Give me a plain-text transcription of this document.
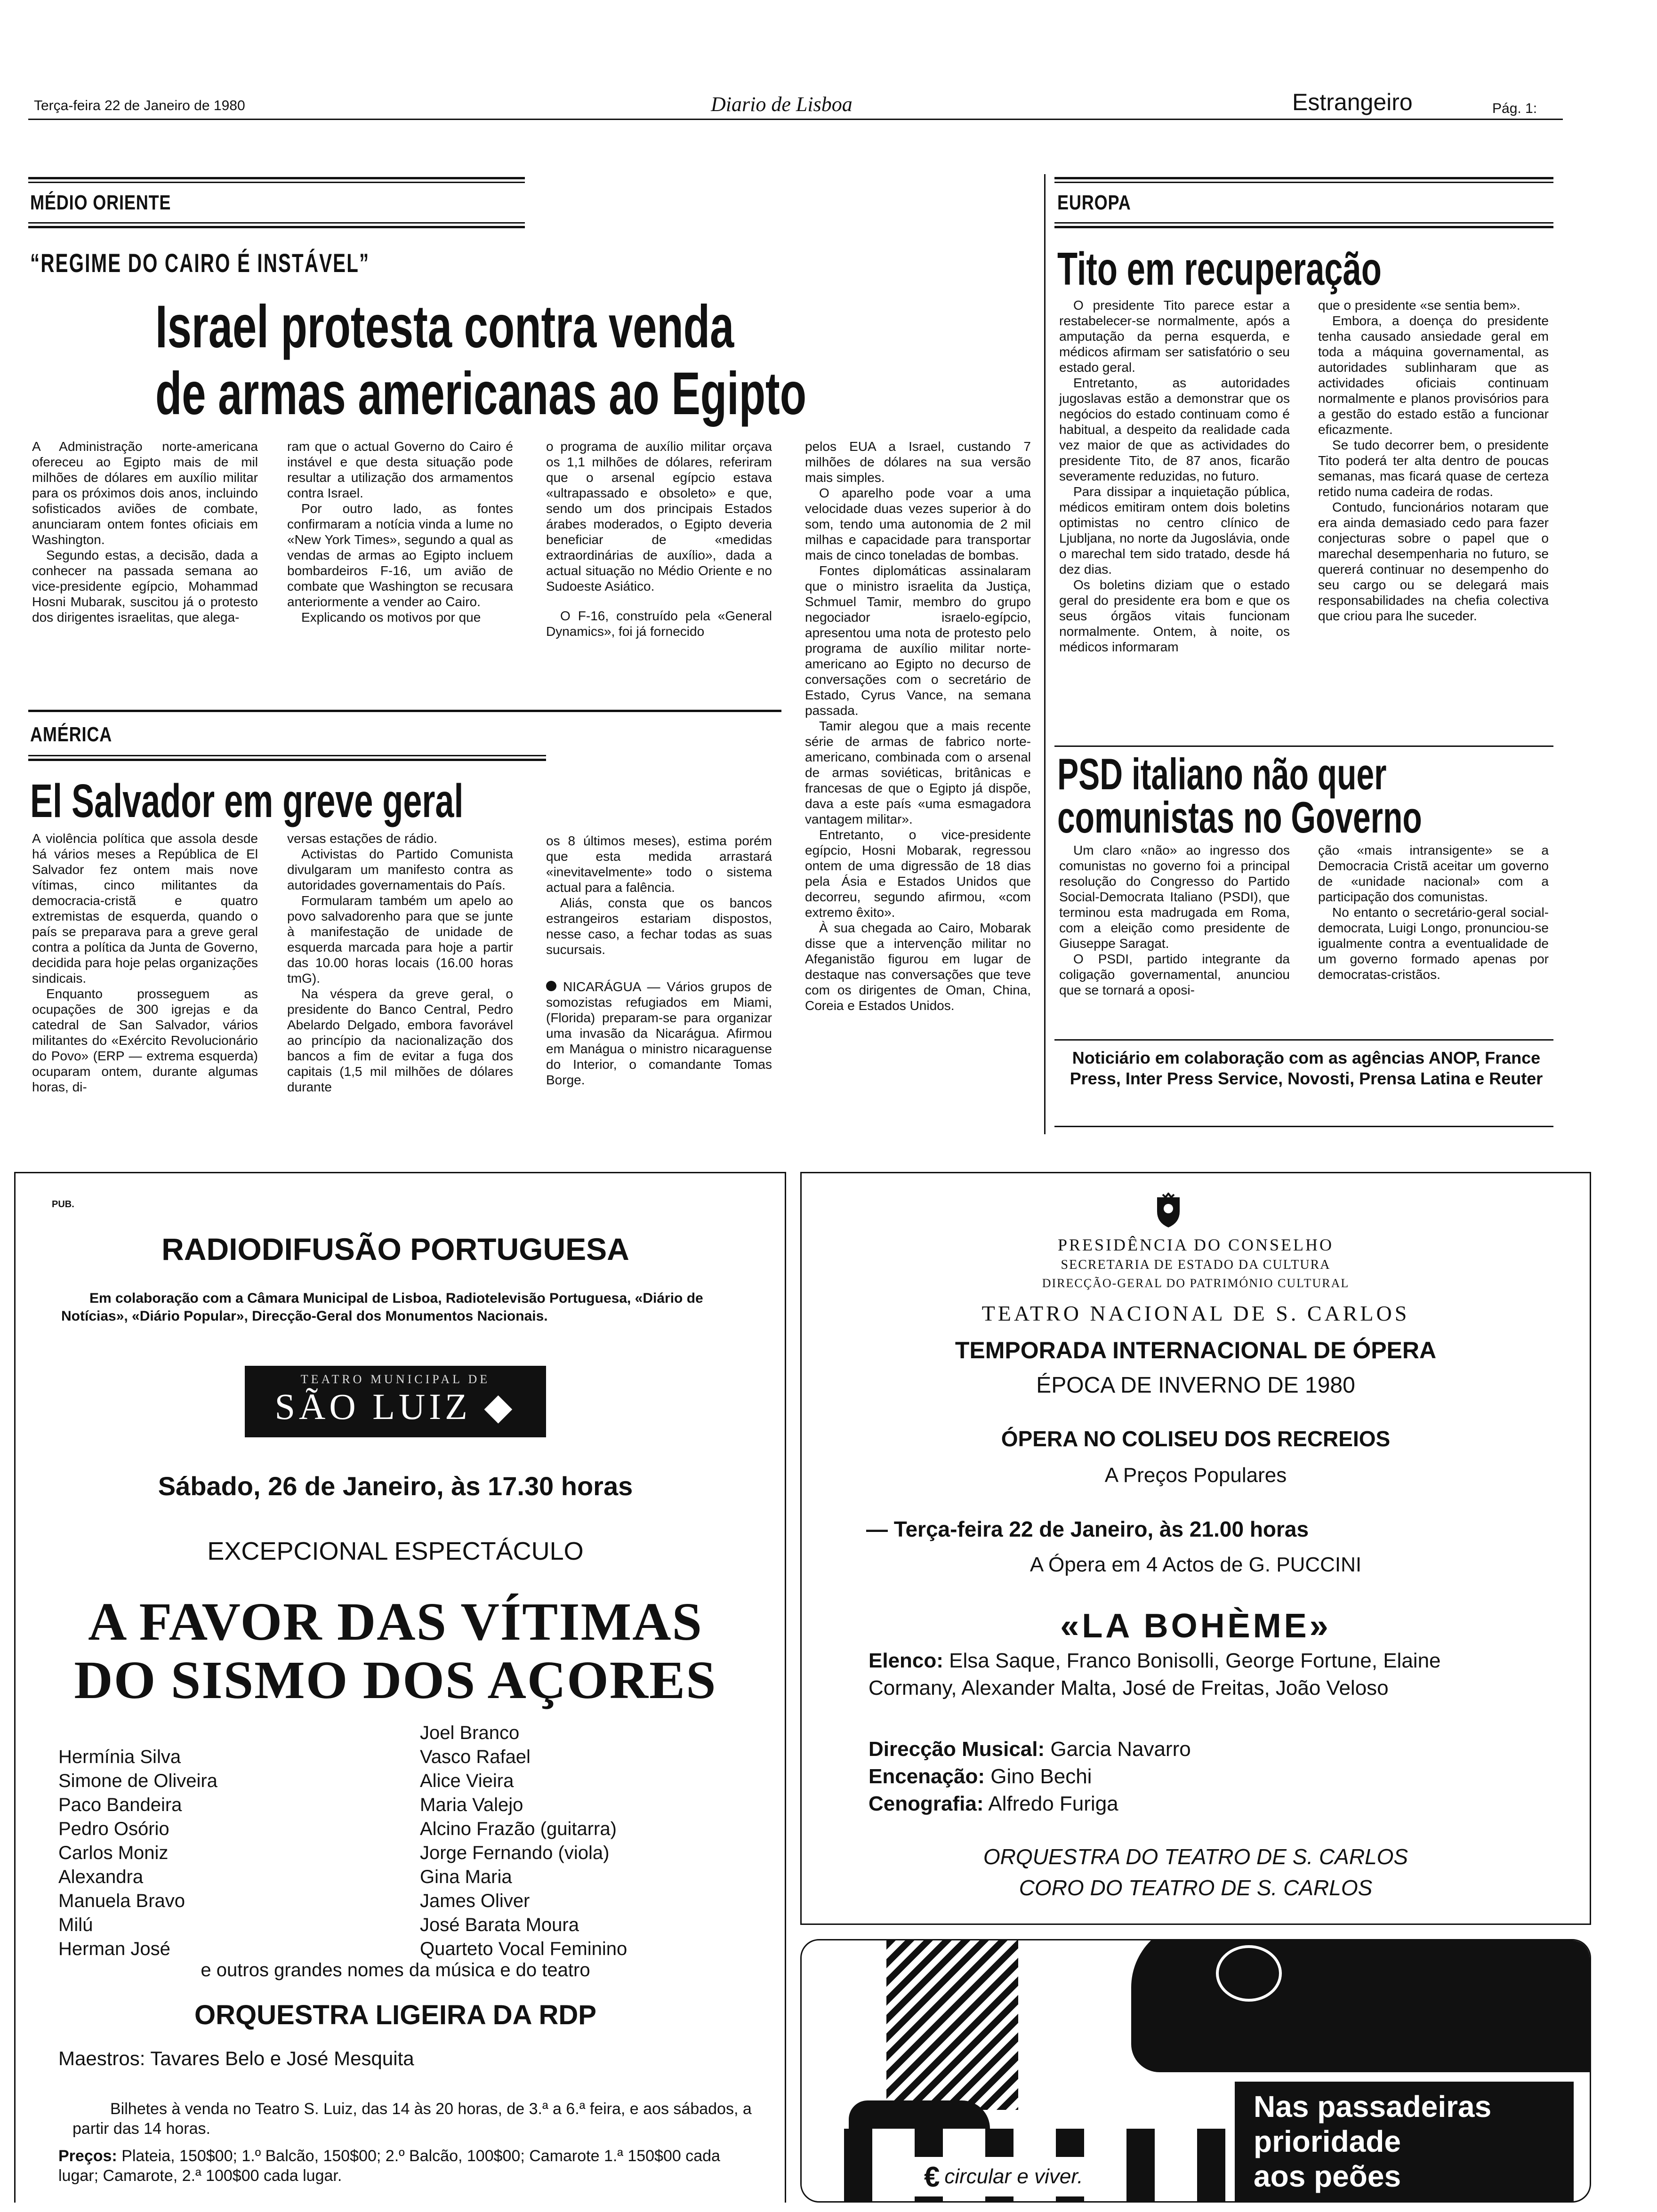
Terça-feira 22 de Janeiro de 1980	Diario de Lisboa	Estrangeiro	Pág. 1:
MÉDIO ORIENTE
“REGIME DO CAIRO É INSTÁVEL”
Israel protesta contra venda
de armas americanas ao Egipto

A Administração norte-americana ofereceu ao Egipto mais de mil milhões de dólares em auxílio militar para os próximos dois anos, incluindo sofisticados aviões de combate, anunciaram ontem fontes oficiais em Washington.

Segundo estas, a decisão, dada a conhecer na passada semana ao vice-presidente egípcio, Mohammad Hosni Mubarak, suscitou já o protesto dos dirigentes israelitas, que alega-

ram que o actual Governo do Cairo é instável e que desta situação pode resultar a utilização dos armamentos contra Israel.

Por outro lado, as fontes confirmaram a notícia vinda a lume no «New York Times», segundo a qual as vendas de armas ao Egipto incluem bombardeiros F-16, um avião de combate que Washington se recusara anteriormente a vender ao Cairo.

Explicando os motivos por que

o programa de auxílio militar orçava os 1,1 milhões de dólares, referiram que o arsenal egípcio estava «ultrapassado e obsoleto» e que, sendo um dos principais Estados árabes moderados, o Egipto deveria beneficiar de «medidas extraordinárias de auxílio», dada a actual situação no Médio Oriente e no Sudoeste Asiático.

O F-16, construído pela «General Dynamics», foi já fornecido

pelos EUA a Israel, custando 7 milhões de dólares na sua versão mais simples.

O aparelho pode voar a uma velocidade duas vezes superior à do som, tendo uma autonomia de 2 mil milhas e capacidade para transportar mais de cinco toneladas de bombas.

Fontes diplomáticas assinalaram que o ministro israelita da Justiça, Schmuel Tamir, membro do grupo negociador israelo-egípcio, apresentou uma nota de protesto pelo programa de auxílio militar norte-americano ao Egipto no decurso de conversações com o secretário de Estado, Cyrus Vance, na semana passada.

Tamir alegou que a mais recente série de armas de fabrico norte-americano, combinada com o arsenal de armas soviéticas, britânicas e francesas de que o Egipto já dispõe, dava a este país «uma esmagadora vantagem militar».

Entretanto, o vice-presidente egípcio, Hosni Mobarak, regressou ontem de uma digressão de 18 dias pela Ásia e Estados Unidos que decorreu, segundo afirmou, «com extremo êxito».

À sua chegada ao Cairo, Mobarak disse que a intervenção militar no Afeganistão figurou em lugar de destaque nas conversações que teve com os dirigentes de Oman, China, Coreia e Estados Unidos.

AMÉRICA
El Salvador em greve geral

A violência política que assola desde há vários meses a República de El Salvador fez ontem mais nove vítimas, cinco militantes da democracia-cristã e quatro extremistas de esquerda, quando o país se preparava para a greve geral contra a política da Junta de Governo, decidida para hoje pelas organizações sindicais.

Enquanto prosseguem as ocupações de 300 igrejas e da catedral de San Salvador, vários militantes do «Exército Revolucionário do Povo» (ERP — extrema esquerda) ocuparam ontem, durante algumas horas, di-

versas estações de rádio.

Activistas do Partido Comunista divulgaram um manifesto contra as autoridades governamentais do País.

Formularam também um apelo ao povo salvadorenho para que se junte à manifestação de unidade de esquerda marcada para hoje a partir das 10.00 horas locais (16.00 horas tmG).

Na véspera da greve geral, o presidente do Banco Central, Pedro Abelardo Delgado, embora favorável ao princípio da nacionalização dos bancos a fim de evitar a fuga dos capitais (1,5 mil milhões de dólares durante

os 8 últimos meses), estima porém que esta medida arrastará «inevitavelmente» todo o sistema actual para a falência.

Aliás, consta que os bancos estrangeiros estariam dispostos, nesse caso, a fechar todas as suas sucursais.

NICARÁGUA — Vários grupos de somozistas refugiados em Miami, (Florida) preparam-se para organizar uma invasão da Nicarágua. Afirmou em Manágua o ministro nicaraguense do Interior, o comandante Tomas Borge.

EUROPA
Tito em recuperação

O presidente Tito parece estar a restabelecer-se normalmente, após a amputação da perna esquerda, e médicos afirmam ser satisfatório o seu estado geral.

Entretanto, as autoridades jugoslavas estão a demonstrar que os negócios do estado continuam como é habitual, a despeito da realidade cada vez maior de que as actividades do presidente Tito, de 87 anos, ficarão severamente reduzidas, no futuro.

Para dissipar a inquietação pública, médicos emitiram ontem dois boletins optimistas no centro clínico de Ljubljana, no norte da Jugoslávia, onde o marechal tem sido tratado, desde há dez dias.

Os boletins diziam que o estado geral do presidente era bom e que os seus órgãos vitais funcionam normalmente. Ontem, à noite, os médicos informaram

que o presidente «se sentia bem».

Embora, a doença do presidente tenha causado ansiedade geral em toda a máquina governamental, as autoridades sublinharam que as actividades oficiais continuam normalmente e planos provisórios para a gestão do estado estão a funcionar eficazmente.

Se tudo decorrer bem, o presidente Tito poderá ter alta dentro de poucas semanas, mas ficará quase de certeza retido numa cadeira de rodas.

Contudo, funcionários notaram que era ainda demasiado cedo para fazer conjecturas sobre o papel que o marechal desempenharia no futuro, se quererá continuar no desempenho do seu cargo ou se delegará mais responsabilidades na chefia colectiva que criou para lhe suceder.

PSD italiano não quer
comunistas no Governo

Um claro «não» ao ingresso dos comunistas no governo foi a principal resolução do Congresso do Partido Social-Democrata Italiano (PSDI), que terminou esta madrugada em Roma, com a eleição como presidente de Giuseppe Saragat.

O PSDI, partido integrante da coligação governamental, anunciou que se tornará a oposi-

ção «mais intransigente» se a Democracia Cristã aceitar um governo de «unidade nacional» com a participação dos comunistas.

No entanto o secretário-geral social-democrata, Luigi Longo, pronunciou-se igualmente contra a eventualidade de um governo formado apenas por democratas-cristãos.

Noticiário em colaboração com as agências ANOP, France Press, Inter Press Service, Novosti, Prensa Latina e Reuter
PUB.
RADIODIFUSÃO PORTUGUESA
Em colaboração com a Câmara Municipal de Lisboa, Radiotelevisão Portuguesa, «Diário de Notícias», «Diário Popular», Direcção-Geral dos Monumentos Nacionais.
TEATRO MUNICIPAL DE
SÃO LUIZ ◆
Sábado, 26 de Janeiro, às 17.30 horas
EXCEPCIONAL ESPECTÁCULO
A FAVOR DAS VÍTIMAS
DO SISMO DOS AÇORES
Hermínia Silva
Simone de Oliveira
Paco Bandeira
Pedro Osório
Carlos Moniz
Alexandra
Manuela Bravo
Milú
Herman José
Joel Branco
Vasco Rafael
Alice Vieira
Maria Valejo
Alcino Frazão (guitarra)
Jorge Fernando (viola)
Gina Maria
James Oliver
José Barata Moura
Quarteto Vocal Feminino
e outros grandes nomes da música e do teatro
ORQUESTRA LIGEIRA DA RDP
Maestros: Tavares Belo e José Mesquita
Bilhetes à venda no Teatro S. Luiz, das 14 às 20 horas, de 3.ª a 6.ª feira, e aos sábados, a partir das 14 horas.
Preços: Plateia, 150$00; 1.º Balcão, 150$00; 2.º Balcão, 100$00; Camarote 1.ª 150$00 cada lugar; Camarote, 2.ª 100$00 cada lugar.
PRESIDÊNCIA DO CONSELHO
SECRETARIA DE ESTADO DA CULTURA
DIRECÇÃO-GERAL DO PATRIMÓNIO CULTURAL
TEATRO NACIONAL DE S. CARLOS
TEMPORADA INTERNACIONAL DE ÓPERA
ÉPOCA DE INVERNO DE 1980
ÓPERA NO COLISEU DOS RECREIOS
A Preços Populares
— Terça-feira 22 de Janeiro, às 21.00 horas
A Ópera em 4 Actos de G. PUCCINI
«LA BOHÈME»
Elenco: Elsa Saque, Franco Bonisolli, George Fortune, Elaine Cormany, Alexander Malta, José de Freitas, João Veloso
Direcção Musical: Garcia Navarro
Encenação: Gino Bechi
Cenografia: Alfredo Furiga
ORQUESTRA DO TEATRO DE S. CARLOS
CORO DO TEATRO DE S. CARLOS
€ circular e viver.
Nas passadeiras
prioridade
aos peões
